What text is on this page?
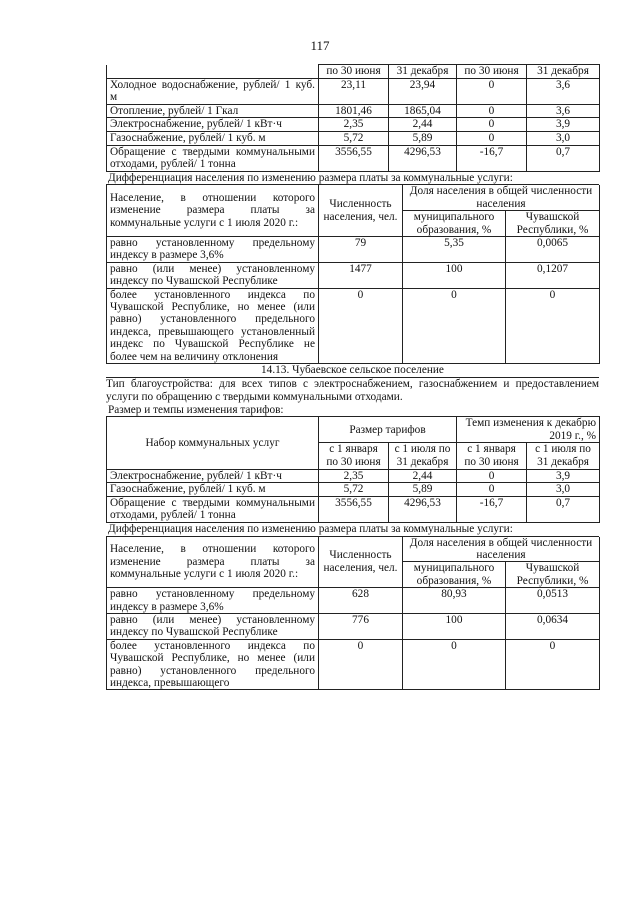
117
	по 30 июня	31 декабря	по 30 июня	31 декабря
Холодное водоснабжение, рублей/ 1 куб. м	23,11	23,94	0	3,6
Отопление, рублей/ 1 Гкал	1801,46	1865,04	0	3,6
Электроснабжение, рублей/ 1 кВт·ч	2,35	2,44	0	3,9
Газоснабжение, рублей/ 1 куб. м	5,72	5,89	0	3,0
Обращение с твердыми коммунальными отходами, рублей/ 1 тонна	3556,55	4296,53	-16,7	0,7
Дифференциация населения по изменению размера платы за коммунальные услуги:
Население, в отношении которого изменение размера платы за коммунальные услуги с 1 июля 2020 г.:	Численность населения, чел.	Доля населения в общей численности населения	
		муниципального образования, %	Чувашской Республики, %
равно установленному предельному индексу в размере 3,6%	79	5,35	0,0065
равно (или менее) установленному индексу по Чувашской Республике	1477	100	0,1207
более установленного индекса по Чувашской Республике, но менее (или равно) установленного предельного индекса, превышающего установленный индекс по Чувашской Республике не более чем на величину отклонения	0	0	0
14.13. Чубаевское сельское поселение
Тип благоустройства: для всех типов с электроснабжением, газоснабжением и предоставлением услуги по обращению с твердыми коммунальными отходами.
Размер и темпы изменения тарифов:
Набор коммунальных услуг	Размер тарифов		Темп изменения к декабрю 2019 г., %	
	с 1 января по 30 июня	с 1 июля по 31 декабря	с 1 января по 30 июня	с 1 июля по 31 декабря
Электроснабжение, рублей/ 1 кВт·ч	2,35	2,44	0	3,9
Газоснабжение, рублей/ 1 куб. м	5,72	5,89	0	3,0
Обращение с твердыми коммунальными отходами, рублей/ 1 тонна	3556,55	4296,53	-16,7	0,7
Дифференциация населения по изменению размера платы за коммунальные услуги:
Население, в отношении которого изменение размера платы за коммунальные услуги с 1 июля 2020 г.:	Численность населения, чел.	Доля населения в общей численности населения	
		муниципального образования, %	Чувашской Республики, %
равно установленному предельному индексу в размере 3,6%	628	80,93	0,0513
равно (или менее) установленному индексу по Чувашской Республике	776	100	0,0634
более установленного индекса по Чувашской Республике, но менее (или равно) установленного предельного индекса, превышающего	0	0	0
